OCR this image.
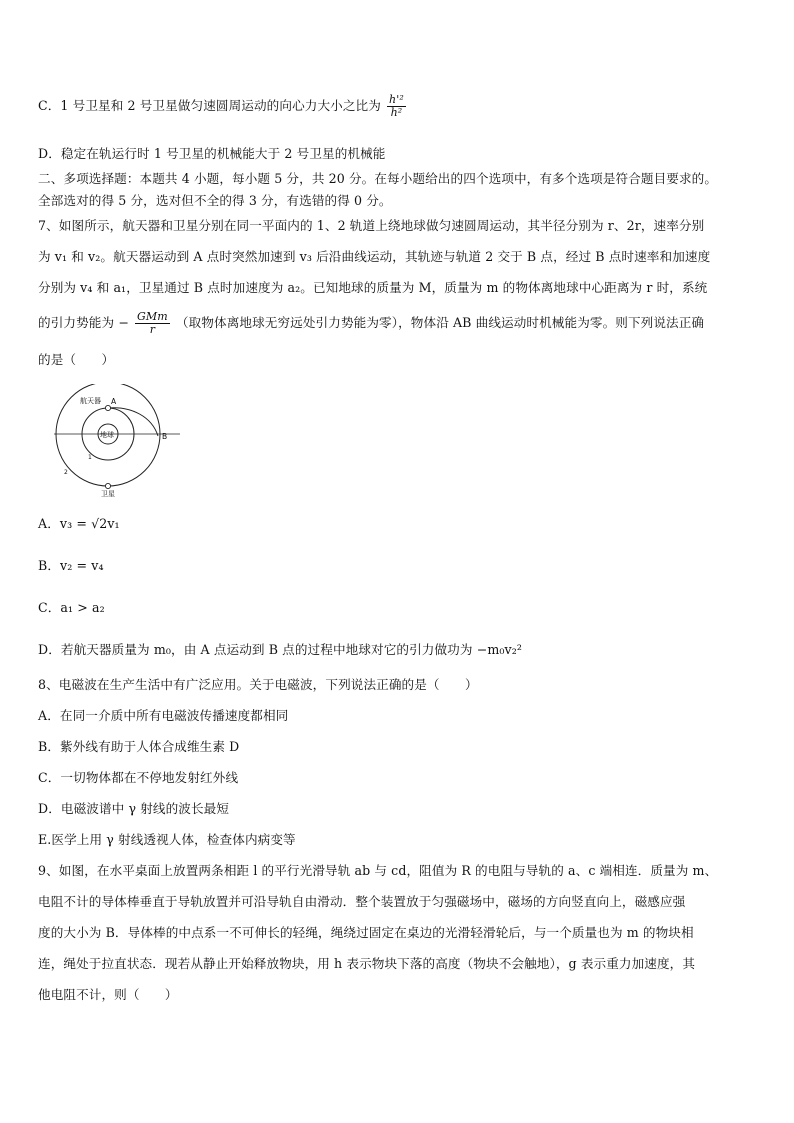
C．1 号卫星和 2 号卫星做匀速圆周运动的向心力大小之比为 $\frac{\text{h'²}}{\text{h²}}$
D．稳定在轨运行时 1 号卫星的机械能大于 2 号卫星的机械能
二、多项选择题：本题共 4 小题，每小题 5 分，共 20 分。在每小题给出的四个选项中，有多个选项是符合题目要求的。
全部选对的得 5 分，选对但不全的得 3 分，有选错的得 0 分。
7、如图所示，航天器和卫星分别在同一平面内的 1、2 轨道上绕地球做匀速圆周运动，其半径分别为 r、2r，速率分别
为 v₁ 和 v₂。航天器运动到 A 点时突然加速到 v₃ 后沿曲线运动，其轨迹与轨道 2 交于 B 点，经过 B 点时速率和加速度
分别为 v₄ 和 a₁，卫星通过 B 点时加速度为 a₂。已知地球的质量为 M，质量为 m 的物体离地球中心距离为 r 时，系统
的引力势能为 − $\frac{\text{GMm}}{r}$ （取物体离地球无穷远处引力势能为零），物体沿 AB 曲线运动时机械能为零。则下列说法正确
的是（　　）
航天器 A
B
地球
1
2
卫星
A．v₃ = √2v₁
B．v₂ = v₄
C．a₁ > a₂
D．若航天器质量为 m₀，由 A 点运动到 B 点的过程中地球对它的引力做功为 −m₀v₂²
8、电磁波在生产生活中有广泛应用。关于电磁波，下列说法正确的是（　　）
A．在同一介质中所有电磁波传播速度都相同
B．紫外线有助于人体合成维生素 D
C．一切物体都在不停地发射红外线
D．电磁波谱中 γ 射线的波长最短
E.医学上用 γ 射线透视人体，检查体内病变等
9、如图，在水平桌面上放置两条相距 l 的平行光滑导轨 ab 与 cd，阻值为 R 的电阻与导轨的 a、c 端相连．质量为 m、
电阻不计的导体棒垂直于导轨放置并可沿导轨自由滑动．整个装置放于匀强磁场中，磁场的方向竖直向上，磁感应强
度的大小为 B．导体棒的中点系一不可伸长的轻绳，绳绕过固定在桌边的光滑轻滑轮后，与一个质量也为 m 的物块相
连，绳处于拉直状态．现若从静止开始释放物块，用 h 表示物块下落的高度（物块不会触地），g 表示重力加速度，其
他电阻不计，则（　　）
